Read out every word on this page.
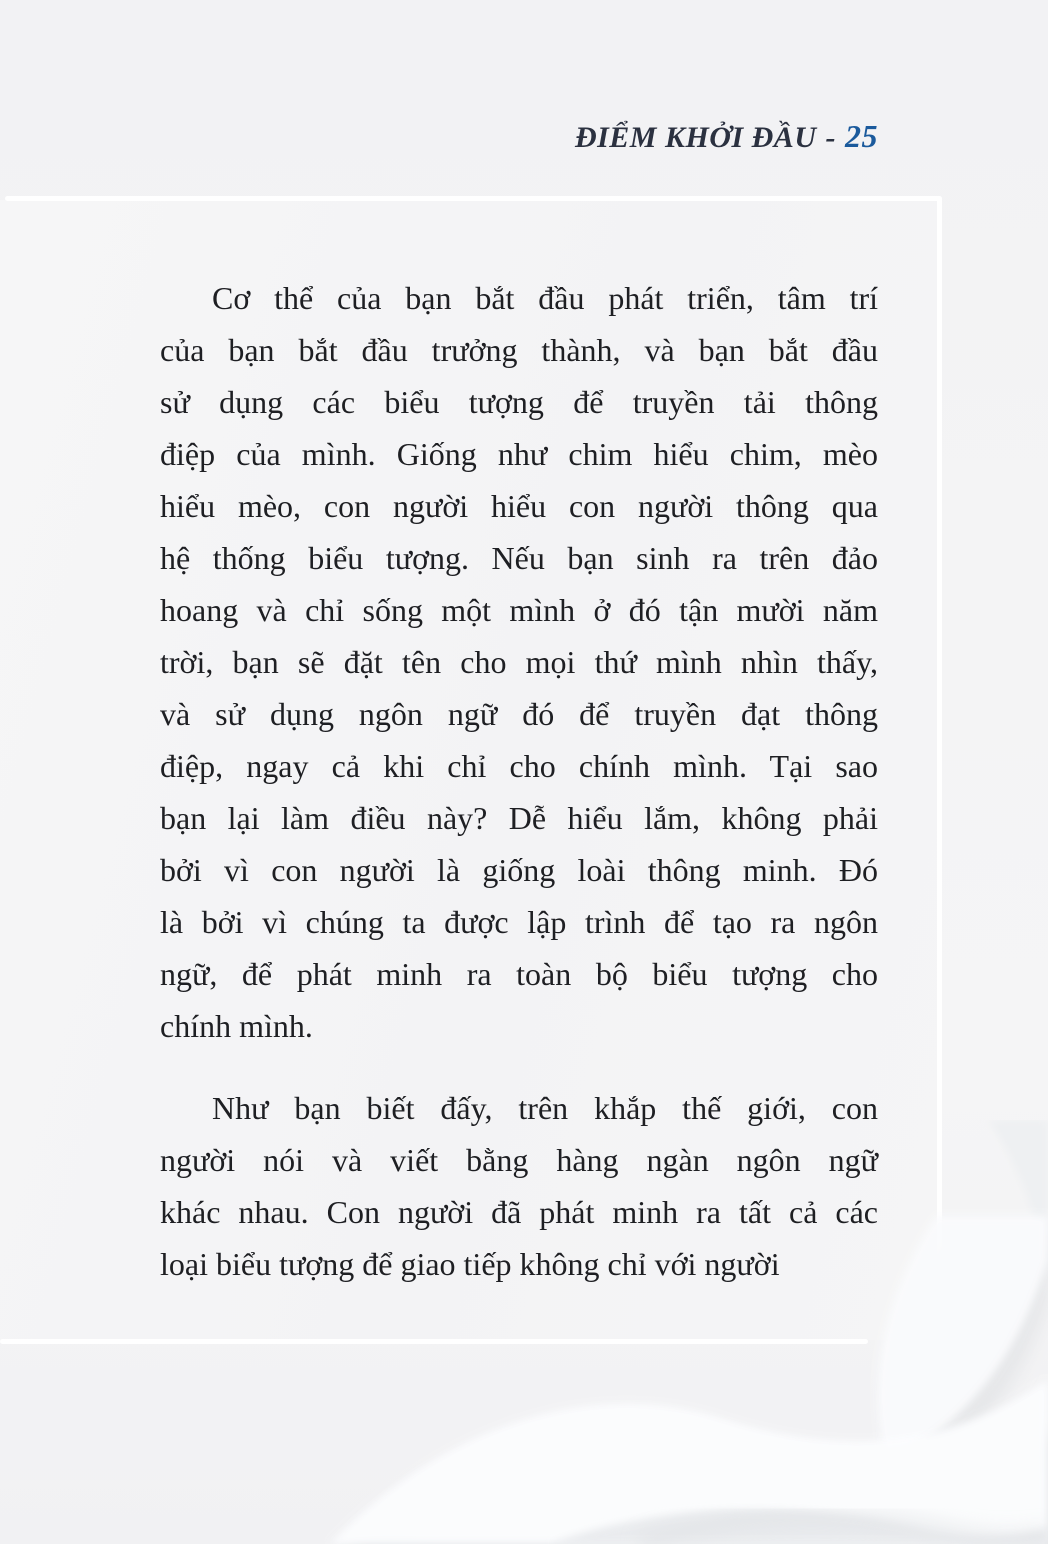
ĐIỂM KHỞI ĐẦU - 25
Cơ thể của bạn bắt đầu phát triển, tâm trí
của bạn bắt đầu trưởng thành, và bạn bắt đầu
sử dụng các biểu tượng để truyền tải thông
điệp của mình. Giống như chim hiểu chim, mèo
hiểu mèo, con người hiểu con người thông qua
hệ thống biểu tượng. Nếu bạn sinh ra trên đảo
hoang và chỉ sống một mình ở đó tận mười năm
trời, bạn sẽ đặt tên cho mọi thứ mình nhìn thấy,
và sử dụng ngôn ngữ đó để truyền đạt thông
điệp, ngay cả khi chỉ cho chính mình. Tại sao
bạn lại làm điều này? Dễ hiểu lắm, không phải
bởi vì con người là giống loài thông minh. Đó
là bởi vì chúng ta được lập trình để tạo ra ngôn
ngữ, để phát minh ra toàn bộ biểu tượng cho
chính mình.
Như bạn biết đấy, trên khắp thế giới, con
người nói và viết bằng hàng ngàn ngôn ngữ
khác nhau. Con người đã phát minh ra tất cả các
loại biểu tượng để giao tiếp không chỉ với người
